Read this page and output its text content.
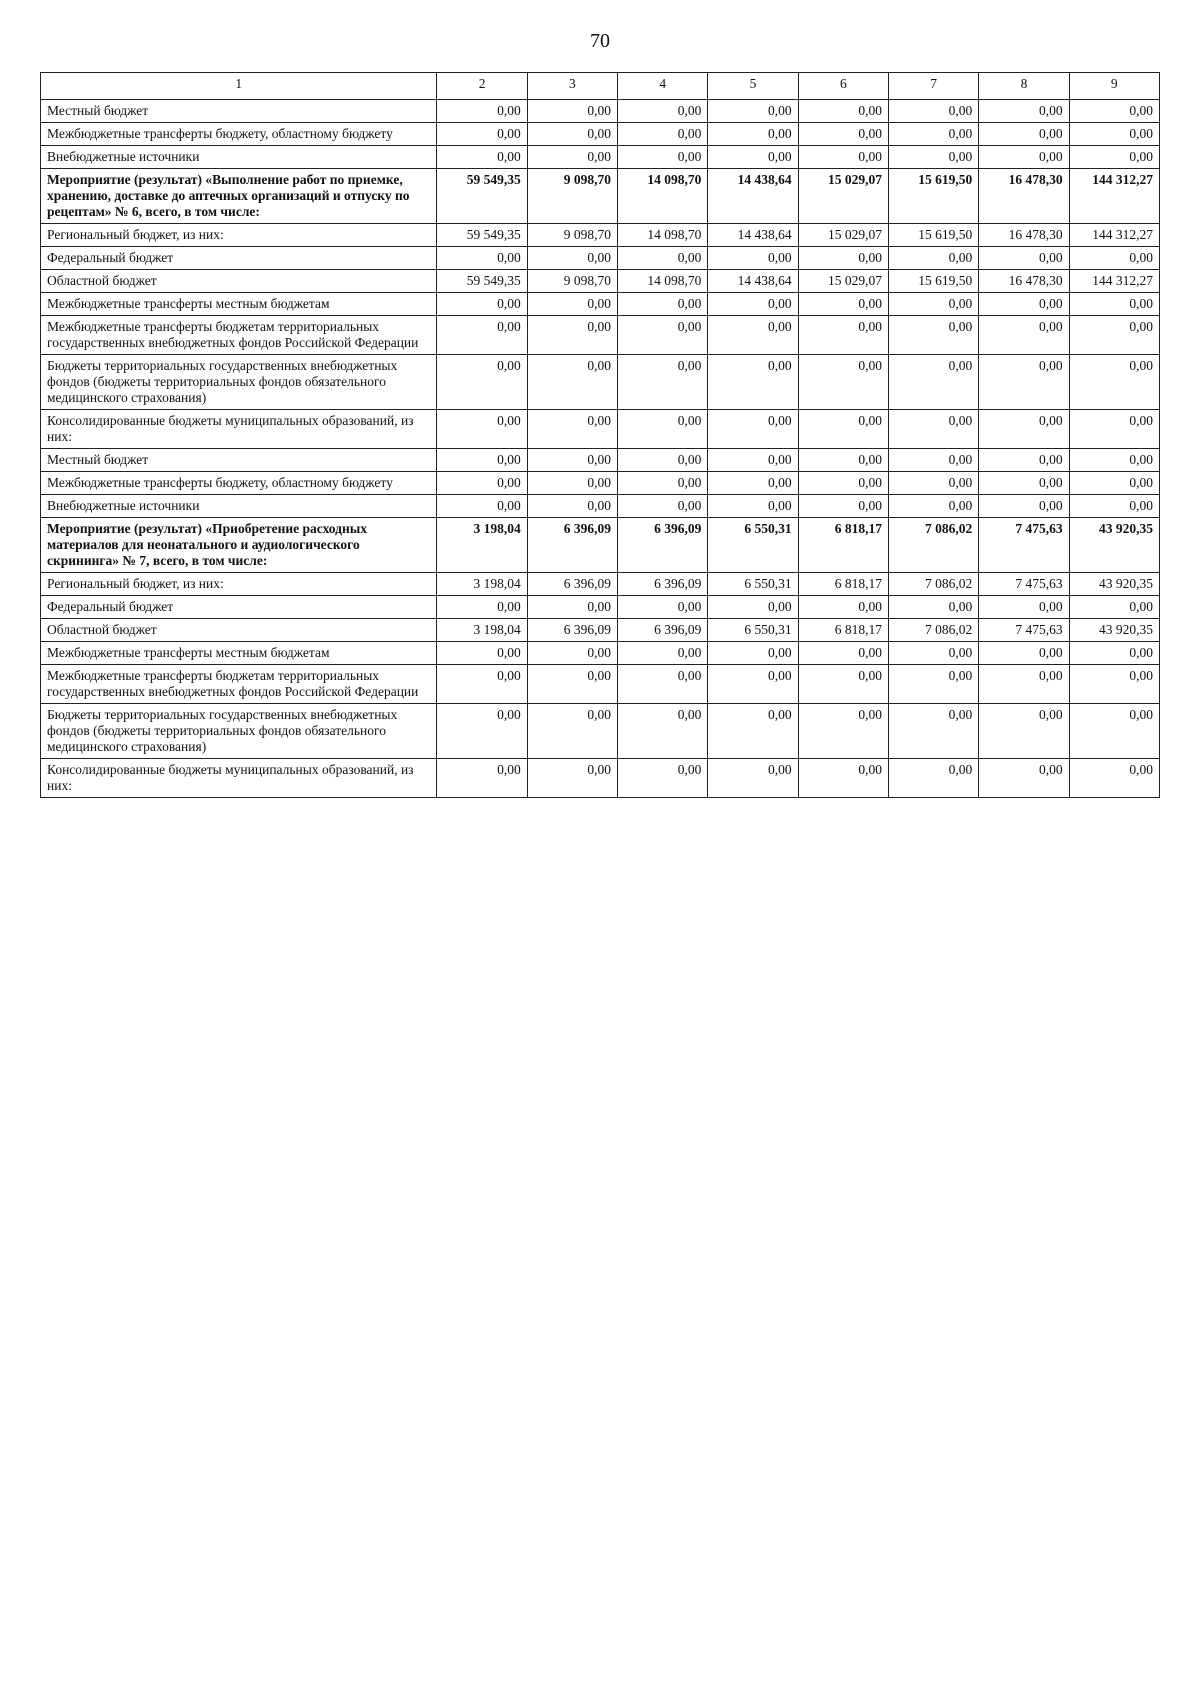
70
1	2	3	4	5	6	7	8	9
Местный бюджет	0,00	0,00	0,00	0,00	0,00	0,00	0,00	0,00
Межбюджетные трансферты бюджету, областному бюджету	0,00	0,00	0,00	0,00	0,00	0,00	0,00	0,00
Внебюджетные источники	0,00	0,00	0,00	0,00	0,00	0,00	0,00	0,00
Мероприятие (результат) «Выполнение работ по приемке, хранению, доставке до аптечных организаций и отпуску по рецептам» № 6, всего, в том числе:	59 549,35	9 098,70	14 098,70	14 438,64	15 029,07	15 619,50	16 478,30	144 312,27
Региональный бюджет, из них:	59 549,35	9 098,70	14 098,70	14 438,64	15 029,07	15 619,50	16 478,30	144 312,27
Федеральный бюджет	0,00	0,00	0,00	0,00	0,00	0,00	0,00	0,00
Областной бюджет	59 549,35	9 098,70	14 098,70	14 438,64	15 029,07	15 619,50	16 478,30	144 312,27
Межбюджетные трансферты местным бюджетам	0,00	0,00	0,00	0,00	0,00	0,00	0,00	0,00
Межбюджетные трансферты бюджетам территориальных государственных внебюджетных фондов Российской Федерации	0,00	0,00	0,00	0,00	0,00	0,00	0,00	0,00
Бюджеты территориальных государственных внебюджетных фондов (бюджеты территориальных фондов обязательного медицинского страхования)	0,00	0,00	0,00	0,00	0,00	0,00	0,00	0,00
Консолидированные бюджеты муниципальных образований, из них:	0,00	0,00	0,00	0,00	0,00	0,00	0,00	0,00
Местный бюджет	0,00	0,00	0,00	0,00	0,00	0,00	0,00	0,00
Межбюджетные трансферты бюджету, областному бюджету	0,00	0,00	0,00	0,00	0,00	0,00	0,00	0,00
Внебюджетные источники	0,00	0,00	0,00	0,00	0,00	0,00	0,00	0,00
Мероприятие (результат) «Приобретение расходных материалов для неонатального и аудиологического скрининга» № 7, всего, в том числе:	3 198,04	6 396,09	6 396,09	6 550,31	6 818,17	7 086,02	7 475,63	43 920,35
Региональный бюджет, из них:	3 198,04	6 396,09	6 396,09	6 550,31	6 818,17	7 086,02	7 475,63	43 920,35
Федеральный бюджет	0,00	0,00	0,00	0,00	0,00	0,00	0,00	0,00
Областной бюджет	3 198,04	6 396,09	6 396,09	6 550,31	6 818,17	7 086,02	7 475,63	43 920,35
Межбюджетные трансферты местным бюджетам	0,00	0,00	0,00	0,00	0,00	0,00	0,00	0,00
Межбюджетные трансферты бюджетам территориальных государственных внебюджетных фондов Российской Федерации	0,00	0,00	0,00	0,00	0,00	0,00	0,00	0,00
Бюджеты территориальных государственных внебюджетных фондов (бюджеты территориальных фондов обязательного медицинского страхования)	0,00	0,00	0,00	0,00	0,00	0,00	0,00	0,00
Консолидированные бюджеты муниципальных образований, из них:	0,00	0,00	0,00	0,00	0,00	0,00	0,00	0,00
